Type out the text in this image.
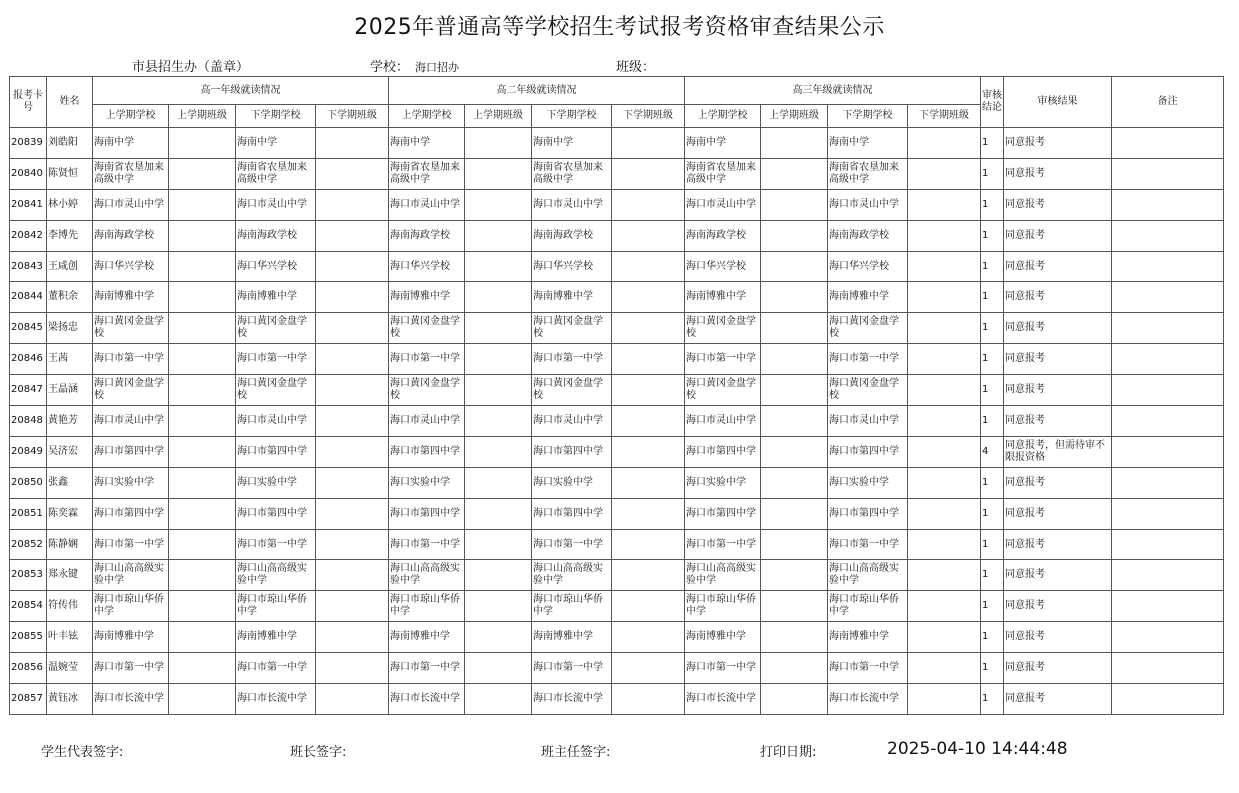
2025年普通高等学校招生考试报考资格审查结果公示
市县招生办（盖章）	学校： 海口招办	班级：
报考卡号	姓名	高一年级就读情况				高二年级就读情况				高三年级就读情况				审核结论	审核结果	备注
		上学期学校	上学期班级	下学期学校	下学期班级	上学期学校	上学期班级	下学期学校	下学期班级	上学期学校	上学期班级	下学期学校	下学期班级			
20839	刘皓阳	海南中学		海南中学		海南中学		海南中学		海南中学		海南中学		1	同意报考	
20840	陈贤恒	海南省农垦加来高级中学		海南省农垦加来高级中学		海南省农垦加来高级中学		海南省农垦加来高级中学		海南省农垦加来高级中学		海南省农垦加来高级中学		1	同意报考	
20841	林小婷	海口市灵山中学		海口市灵山中学		海口市灵山中学		海口市灵山中学		海口市灵山中学		海口市灵山中学		1	同意报考	
20842	李博先	海南海政学校		海南海政学校		海南海政学校		海南海政学校		海南海政学校		海南海政学校		1	同意报考	
20843	王咸创	海口华兴学校		海口华兴学校		海口华兴学校		海口华兴学校		海口华兴学校		海口华兴学校		1	同意报考	
20844	董积余	海南博雅中学		海南博雅中学		海南博雅中学		海南博雅中学		海南博雅中学		海南博雅中学		1	同意报考	
20845	梁扬忠	海口黄冈金盘学校		海口黄冈金盘学校		海口黄冈金盘学校		海口黄冈金盘学校		海口黄冈金盘学校		海口黄冈金盘学校		1	同意报考	
20846	王茜	海口市第一中学		海口市第一中学		海口市第一中学		海口市第一中学		海口市第一中学		海口市第一中学		1	同意报考	
20847	王晶涵	海口黄冈金盘学校		海口黄冈金盘学校		海口黄冈金盘学校		海口黄冈金盘学校		海口黄冈金盘学校		海口黄冈金盘学校		1	同意报考	
20848	黄艳芳	海口市灵山中学		海口市灵山中学		海口市灵山中学		海口市灵山中学		海口市灵山中学		海口市灵山中学		1	同意报考	
20849	吴济宏	海口市第四中学		海口市第四中学		海口市第四中学		海口市第四中学		海口市第四中学		海口市第四中学		4	同意报考，但需待审不限报资格	
20850	张鑫	海口实验中学		海口实验中学		海口实验中学		海口实验中学		海口实验中学		海口实验中学		1	同意报考	
20851	陈奕霖	海口市第四中学		海口市第四中学		海口市第四中学		海口市第四中学		海口市第四中学		海口市第四中学		1	同意报考	
20852	陈静娴	海口市第一中学		海口市第一中学		海口市第一中学		海口市第一中学		海口市第一中学		海口市第一中学		1	同意报考	
20853	郑永键	海口山高高级实验中学		海口山高高级实验中学		海口山高高级实验中学		海口山高高级实验中学		海口山高高级实验中学		海口山高高级实验中学		1	同意报考	
20854	符传伟	海口市琼山华侨中学		海口市琼山华侨中学		海口市琼山华侨中学		海口市琼山华侨中学		海口市琼山华侨中学		海口市琼山华侨中学		1	同意报考	
20855	叶丰铉	海南博雅中学		海南博雅中学		海南博雅中学		海南博雅中学		海南博雅中学		海南博雅中学		1	同意报考	
20856	温婉莹	海口市第一中学		海口市第一中学		海口市第一中学		海口市第一中学		海口市第一中学		海口市第一中学		1	同意报考	
20857	黄钰冰	海口市长流中学		海口市长流中学		海口市长流中学		海口市长流中学		海口市长流中学		海口市长流中学		1	同意报考	
学生代表签字:	班长签字:	班主任签字:	打印日期:	2025-04-10 14:44:48
